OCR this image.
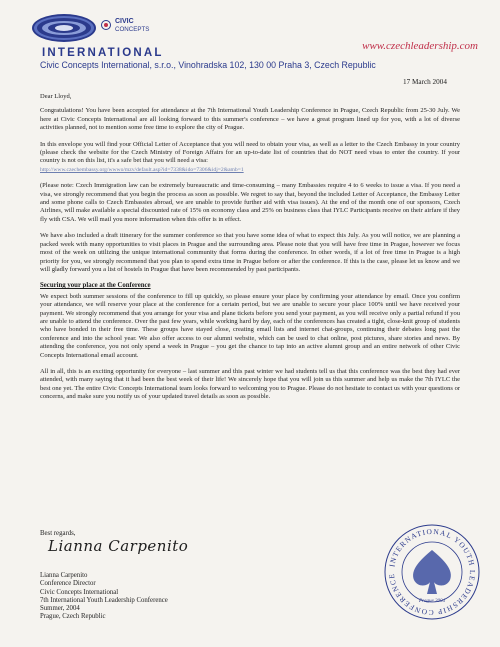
CIVIC
CONCEPTS
INTERNATIONAL
www.czechleadership.com
Civic Concepts International, s.r.o., Vinohradska 102, 130 00 Praha 3, Czech Republic
17 March 2004

Dear Lloyd,

Congratulations! You have been accepted for attendance at the 7th International Youth Leadership Conference in Prague, Czech Republic from 25-30 July. We here at Civic Concepts International are all looking forward to this summer's conference – we have a great program lined up for you, with a lot of diverse activities planned, not to mention some free time to explore the city of Prague.

In this envelope you will find your Official Letter of Acceptance that you will need to obtain your visa, as well as a letter to the Czech Embassy in your country (please check the website for the Czech Ministry of Foreign Affairs for an up-to-date list of countries that do NOT need visas to enter the country. If your country is not on this list, it's a safe bet that you will need a visa:
http://www.czechembassy.org/wwwo/mzv/default.asp?id=7338&ido=7306&idj=2&amb=1

(Please note: Czech Immigration law can be extremely bureaucratic and time-consuming – many Embassies require 4 to 6 weeks to issue a visa. If you need a visa, we strongly recommend that you begin the process as soon as possible. We regret to say that, beyond the included Letter of Acceptance, the Embassy Letter and some phone calls to Czech Embassies abroad, we are unable to provide further aid with visa issues). At the end of the month one of our sponsors, Czech Airlines, will make available a special discounted rate of 15% on economy class and 25% on business class that IYLC Participants receive on their airfare if they fly with CSA. We will mail you more information when this offer is in effect.

We have also included a draft itinerary for the summer conference so that you have some idea of what to expect this July. As you will notice, we are planning a packed week with many opportunities to visit places in Prague and the surrounding area. Please note that you will have free time in Prague, however we focus most of the week on utilizing the unique international community that forms during the conference. In other words, if a lot of free time in Prague is a high priority for you, we strongly recommend that you plan to spend extra time in Prague before or after the conference. If this is the case, please let us know and we will gladly forward you a list of hostels in Prague that have been recommended by past participants.

Securing your place at the Conference

We expect both summer sessions of the conference to fill up quickly, so please ensure your place by confirming your attendance by email. Once you confirm your attendance, we will reserve your place at the conference for a certain period, but we are unable to secure your place 100% until we have received your payment. We strongly recommend that you arrange for your visa and plane tickets before you send your payment, as you will receive only a partial refund if you are unable to attend the conference. Over the past few years, while working hard by day, each of the conferences has created a tight, close-knit group of students who have bonded in their free time. These groups have stayed close, creating email lists and internet chat-groups, continuing their debates long past the conference and into the school year. We also offer access to our alumni website, which can be used to chat online, post pictures, share stories and news. By attending the conference, you not only spend a week in Prague – you get the chance to tap into an active alumni group and an entire network of other Civic Concepts International email account.

All in all, this is an exciting opportunity for everyone – last summer and this past winter we had students tell us that this conference was the best they had ever attended, with many saying that it had been the best week of their life! We sincerely hope that you will join us this summer and help us make the 7th IYLC the best one yet. The entire Civic Concepts International team looks forward to welcoming you to Prague. Please do not hesitate to contact us with your questions or concerns, and make sure you notify us of your updated travel details as soon as possible.

Best regards,
Lianna Carpenito
Lianna Carpenito
Conference Director
Civic Concepts International
7th International Youth Leadership Conference
Summer, 2004
Prague, Czech Republic
INTERNATIONAL YOUTH LEADERSHIP CONFERENCE
Prague 2004
